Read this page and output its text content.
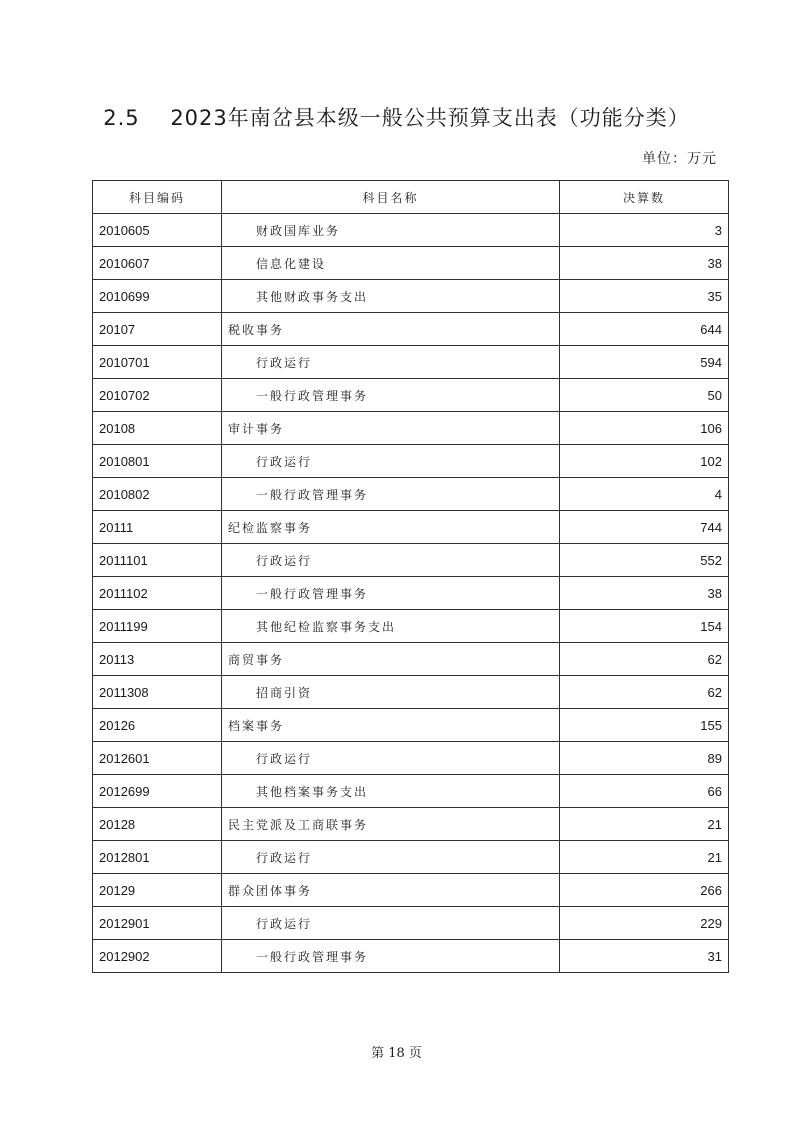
2.5    2023年南岔县本级一般公共预算支出表（功能分类）
单位：万元
科目编码	科目名称	决算数
2010605	财政国库业务	3
2010607	信息化建设	38
2010699	其他财政事务支出	35
20107	税收事务	644
2010701	行政运行	594
2010702	一般行政管理事务	50
20108	审计事务	106
2010801	行政运行	102
2010802	一般行政管理事务	4
20111	纪检监察事务	744
2011101	行政运行	552
2011102	一般行政管理事务	38
2011199	其他纪检监察事务支出	154
20113	商贸事务	62
2011308	招商引资	62
20126	档案事务	155
2012601	行政运行	89
2012699	其他档案事务支出	66
20128	民主党派及工商联事务	21
2012801	行政运行	21
20129	群众团体事务	266
2012901	行政运行	229
2012902	一般行政管理事务	31
第 18 页
